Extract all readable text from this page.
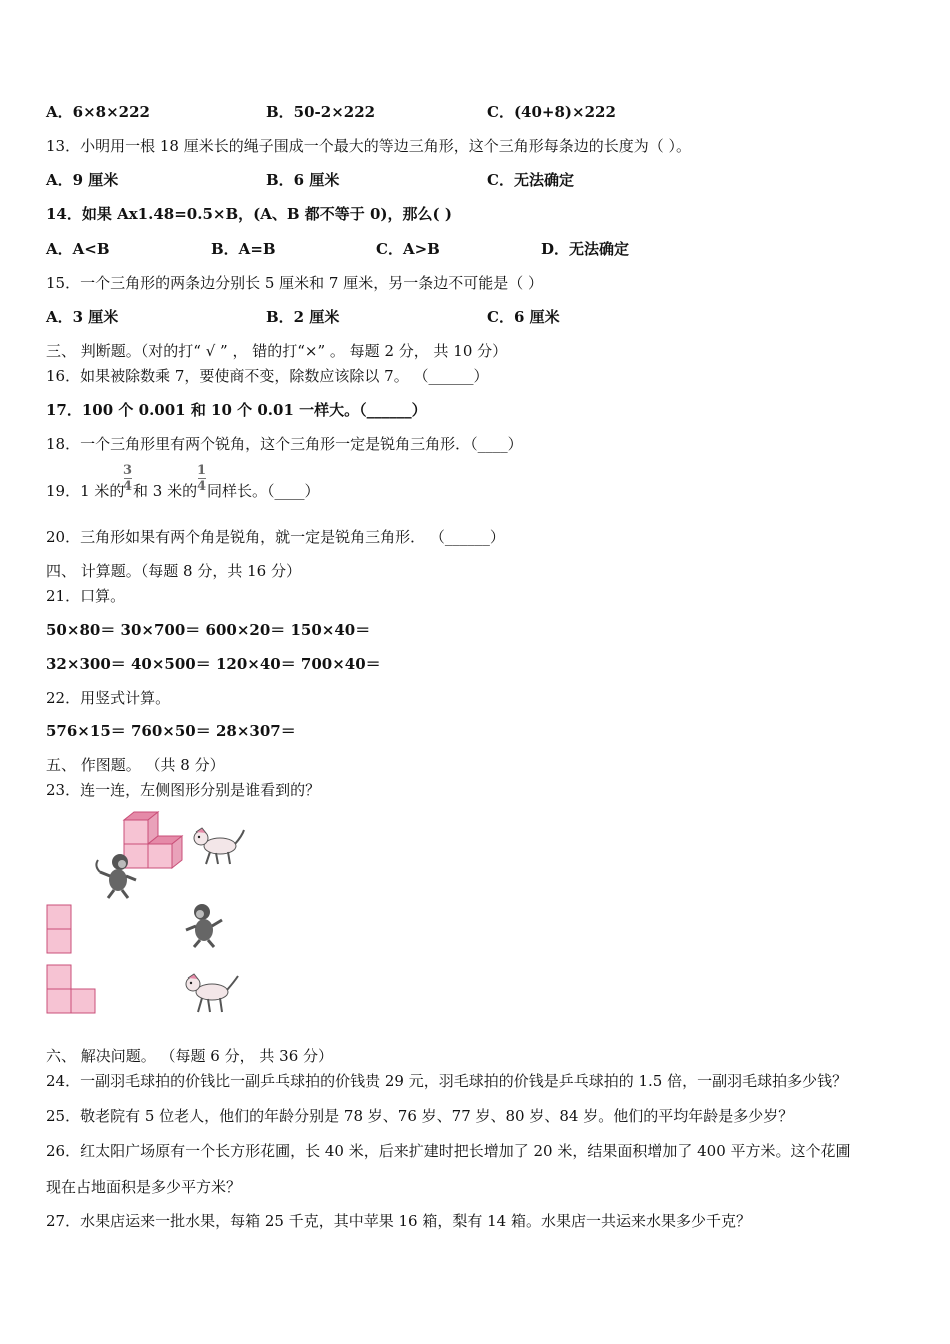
A．6×8×222	B．50-2×222	C．(40+8)×222
13．小明用一根 18 厘米长的绳子围成一个最大的等边三角形，这个三角形每条边的长度为（ ）。
A．9 厘米	B．6 厘米	C．无法确定
14．如果 Ax1.48=0.5×B，(A、B 都不等于 0)，那么( )
A．A<B	B．A=B	C．A>B	D．无法确定
15．一个三角形的两条边分别长 5 厘米和 7 厘米，另一条边不可能是（ ）
A．3 厘米	B．2 厘米	C．6 厘米
三、 判断题。（对的打“ √ ” ， 错的打“×” 。 每题 2 分， 共 10 分）
16．如果被除数乘 7，要使商不变，除数应该除以 7。 （______）
17．100 个 0.001 和 10 个 0.01 一样大。（______）
18．一个三角形里有两个锐角，这个三角形一定是锐角三角形．（____）
19．1 米的
3
4 和 3 米的
1
4 同样长。（____）
20．三角形如果有两个角是锐角，就一定是锐角三角形． （______）
四、 计算题。（每题 8 分，共 16 分）
21．口算。
50×80＝ 30×700＝ 600×20＝ 150×40＝
32×300＝ 40×500＝ 120×40＝ 700×40＝
22．用竖式计算。
576×15＝ 760×50＝ 28×307＝
五、 作图题。 （共 8 分）
23．连一连，左侧图形分别是谁看到的？
六、 解决问题。 （每题 6 分， 共 36 分）
24．一副羽毛球拍的价钱比一副乒乓球拍的价钱贵 29 元，羽毛球拍的价钱是乒乓球拍的 1.5 倍，一副羽毛球拍多少钱？
25．敬老院有 5 位老人，他们的年龄分别是 78 岁、76 岁、77 岁、80 岁、84 岁。他们的平均年龄是多少岁？
26．红太阳广场原有一个长方形花圃，长 40 米，后来扩建时把长增加了 20 米，结果面积增加了 400 平方米。这个花圃
现在占地面积是多少平方米？
27．水果店运来一批水果，每箱 25 千克，其中苹果 16 箱，梨有 14 箱。水果店一共运来水果多少千克？
